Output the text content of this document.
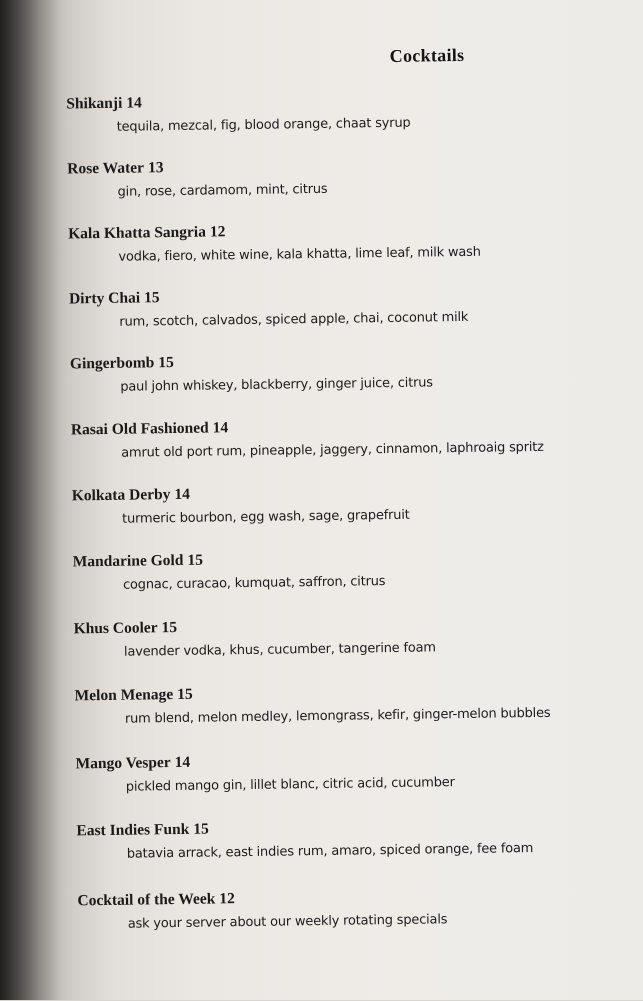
Cocktails
Shikanji 14
tequila, mezcal, fig, blood orange, chaat syrup
Rose Water 13
gin, rose, cardamom, mint, citrus
Kala Khatta Sangria 12
vodka, fiero, white wine, kala khatta, lime leaf, milk wash
Dirty Chai 15
rum, scotch, calvados, spiced apple, chai, coconut milk
Gingerbomb 15
paul john whiskey, blackberry, ginger juice, citrus
Rasai Old Fashioned 14
amrut old port rum, pineapple, jaggery, cinnamon, laphroaig spritz
Kolkata Derby 14
turmeric bourbon, egg wash, sage, grapefruit
Mandarine Gold 15
cognac, curacao, kumquat, saffron, citrus
Khus Cooler 15
lavender vodka, khus, cucumber, tangerine foam
Melon Menage 15
rum blend, melon medley, lemongrass, kefir, ginger-melon bubbles
Mango Vesper 14
pickled mango gin, lillet blanc, citric acid, cucumber
East Indies Funk 15
batavia arrack, east indies rum, amaro, spiced orange, fee foam
Cocktail of the Week 12
ask your server about our weekly rotating specials
